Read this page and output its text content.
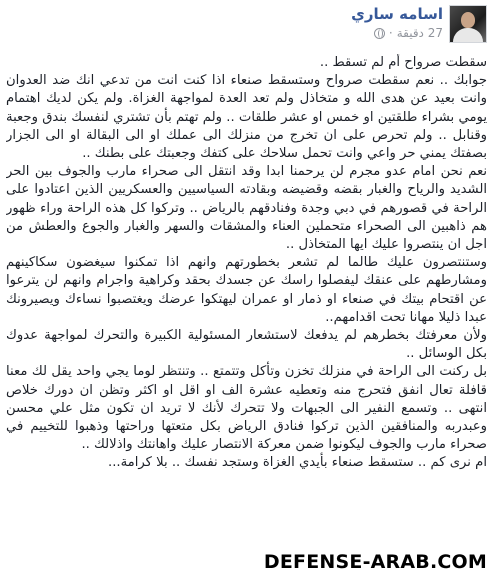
اسامه ساري
27 دقيقة
·

سقطت صرواح أم لم تسقط ..

جوابك .. نعم سقطت صرواح وستسقط صنعاء اذا كنت انت من تدعي انك ضد العدوان وانت بعيد عن هدى الله و متخاذل ولم تعد العدة لمواجهة الغزاة. ولم يكن لديك اهتمام يومي بشراء طلقتين او خمس او عشر طلقات .. ولم تهتم بأن تشتري لنفسك بندق وجعبة وقنابل .. ولم تحرص على ان تخرج من منزلك الى عملك او الى البقالة او الى الجزار بصفتك يمني حر واعي وانت تحمل سلاحك على كتفك وجعبتك على بطنك ..

نعم نحن امام عدو مجرم لن يرحمنا ابدا وقد انتقل الى صحراء مارب والجوف بين الحر الشديد والرياح والغبار بقضه وقضيضه وبقادته السياسيين والعسكريين الذين اعتادوا على الراحة في قصورهم في دبي وجدة وفنادقهم بالرياض .. وتركوا كل هذه الراحة وراء ظهور هم ذاهبين الى الصحراء متحملين العناء والمشقات والسهر والغبار والجوع والعطش من اجل ان ينتصروا عليك ايها المتخاذل ..

وستنتصرون عليك طالما لم تشعر بخطورتهم وانهم اذا تمكنوا سيغضون سكاكينهم ومشارطهم على عنقك ليفصلوا راسك عن جسدك بحقد وكراهية واجرام وانهم لن يترعوا عن اقتحام بيتك في صنعاء او ذمار او عمران ليهتكوا عرضك ويغتصبوا نساءك ويصيرونك عبدا ذليلا مهانا تحت اقدامهم..

ولأن معرفتك بخطرهم لم يدفعك لاستشعار المسئولية الكبيرة والتحرك لمواجهة عدوك بكل الوسائل ..

بل ركنت الى الراحة في منزلك تخزن وتأكل وتتمتع .. وتنتظر لوما يجي واحد يقل لك معنا قافلة تعال انفق فتحرج منه وتعطيه عشرة الف او اقل او اكثر وتظن ان دورك خلاص انتهى .. وتسمع النفير الى الجبهات ولا تتحرك لأنك لا تريد ان تكون مثل علي محسن وعبدربه والمنافقين الذين تركوا فنادق الرياض بكل متعتها وراحتها وذهبوا للتخييم في صحراء مارب والجوف ليكونوا ضمن معركة الانتصار عليك واهانتك واذلالك ..

ام نرى كم .. ستسقط صنعاء بأيدي الغزاة وستجد نفسك .. بلا كرامة...

DEFENSE-ARAB.COM
